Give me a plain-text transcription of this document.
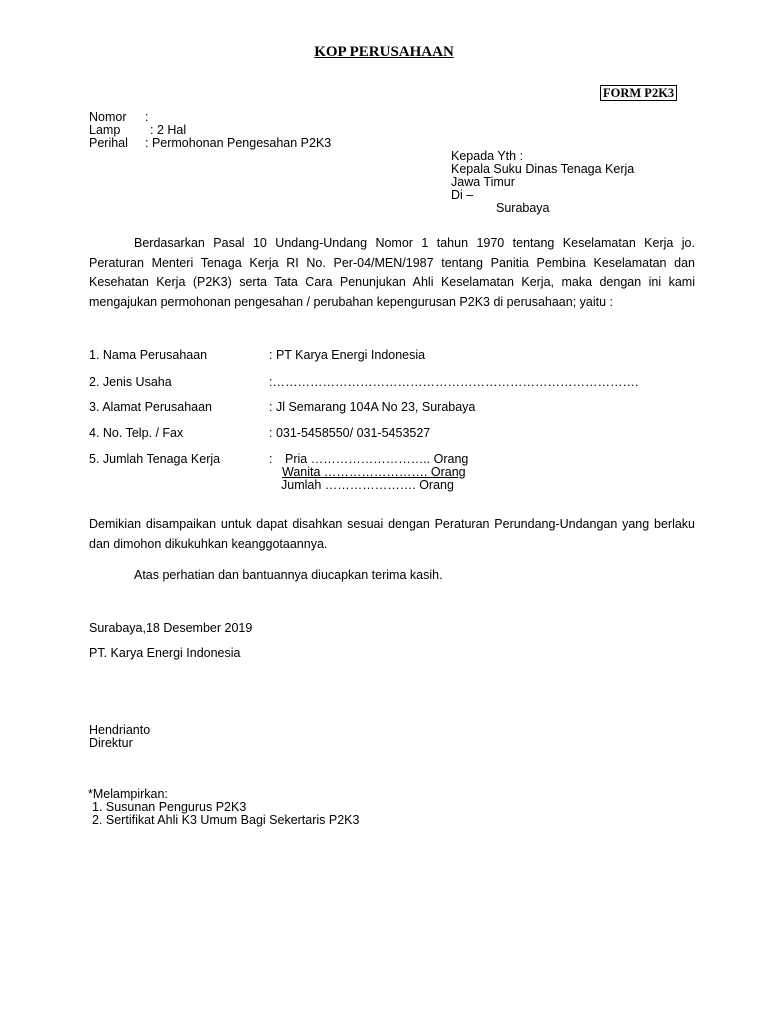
KOP PERUSAHAAN
FORM P2K3
Nomor :
Lamp : 2 Hal
Perihal : Permohonan Pengesahan P2K3
Kepada Yth :
Kepala Suku Dinas Tenaga Kerja
Jawa Timur
Di –
Surabaya
Berdasarkan Pasal 10 Undang-Undang Nomor 1 tahun 1970 tentang Keselamatan Kerja jo. Peraturan Menteri Tenaga Kerja RI No. Per-04/MEN/1987 tentang Panitia Pembina Keselamatan dan Kesehatan Kerja (P2K3) serta Tata Cara Penunjukan Ahli Keselamatan Kerja, maka dengan ini kami mengajukan permohonan pengesahan / perubahan kepengurusan P2K3 di perusahaan; yaitu :
1. Nama Perusahaan	: PT Karya Energi Indonesia
2. Jenis Usaha	:…………………………………………………………………………….
3. Alamat Perusahaan	: Jl Semarang 104A No 23, Surabaya
4. No. Telp. / Fax	: 031-5458550/ 031-5453527
5. Jumlah Tenaga Kerja	: Pria ……………………….. Orang
Wanita ……………………. Orang
Jumlah …………………. Orang
Demikian disampaikan untuk dapat disahkan sesuai dengan Peraturan Perundang-Undangan yang berlaku dan dimohon dikukuhkan keanggotaannya.
Atas perhatian dan bantuannya diucapkan terima kasih.
Surabaya,18 Desember 2019
PT. Karya Energi Indonesia
Hendrianto
Direktur
*Melampirkan:
1. Susunan Pengurus P2K3
2. Sertifikat Ahli K3 Umum Bagi Sekertaris P2K3
